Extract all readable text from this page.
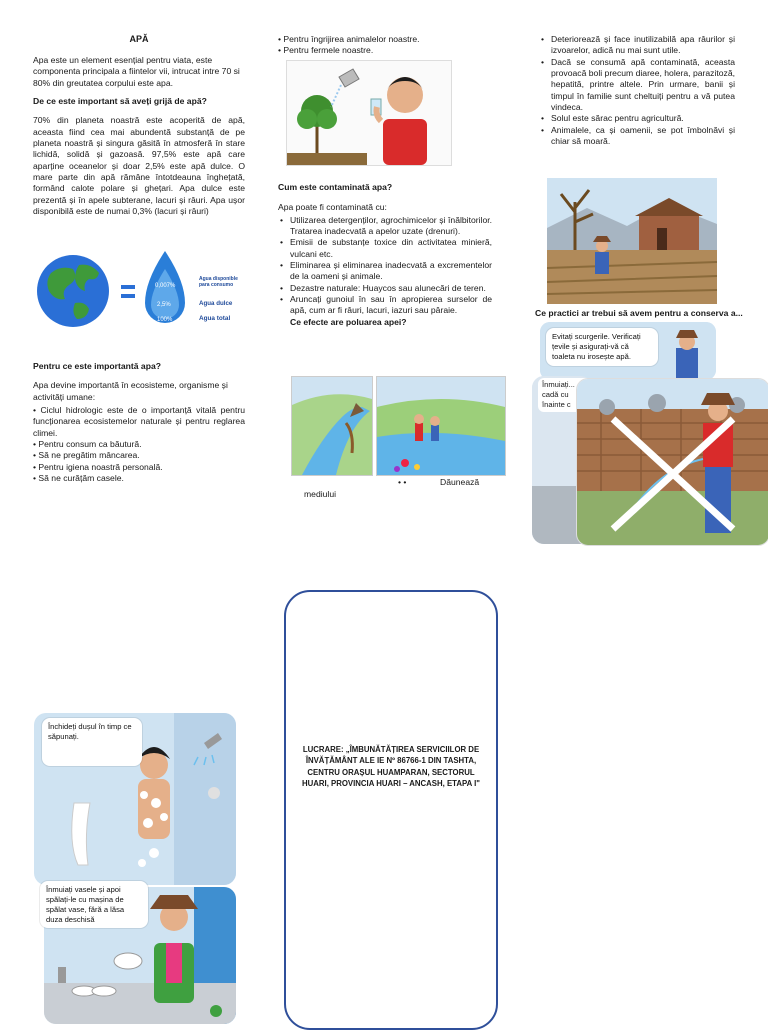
APĂ

Apa este un element esențial pentru viata, este componenta principala a fiintelor vii, intrucat intre 70 si 80% din greutatea corpului este apa.

De ce este important să aveți grijă de apă?

70% din planeta noastră este acoperită de apă, aceasta fiind cea mai abundentă substanță de pe planeta noastră și singura găsită în atmosferă în stare lichidă, solidă și gazoasă. 97,5% este apă care aparține oceanelor și doar 2,5% este apă dulce. O mare parte din apă rămâne întotdeauna înghețată, formând calote polare și ghețari. Apa dulce este prezentă și în apele subterane, lacuri și râuri. Apa ușor disponibilă este de numai 0,3% (lacuri și râuri)

0,007%
2,5%
100%
Agua disponible para consumo
Agua dulce
Agua total
Pentru ce este importantă apa?

Apa devine importantă în ecosisteme, organisme și activități umane:

• Ciclul hidrologic este de o importanță vitală pentru funcționarea ecosistemelor naturale și pentru reglarea climei.
• Pentru consum ca băutură.
• Să ne pregătim mâncarea.
• Pentru igiena noastră personală.
• Să ne curățăm casele.
• Pentru îngrijirea animalelor noastre.
• Pentru fermele noastre.
Cum este contaminată apa?

Apa poate fi contaminată cu:

• Utilizarea detergenților, agrochimicelor și înălbitorilor. Tratarea inadecvată a apelor uzate (drenuri).
• Emisii de substanțe toxice din activitatea minieră, vulcani etc.
• Eliminarea și eliminarea inadecvată a excrementelor de la oameni și animale.
• Dezastre naturale: Huaycos sau alunecări de teren.
• Aruncați gunoiul în sau în apropierea surselor de apă, cum ar fi râuri, lacuri, iazuri sau pâraie.
Ce efecte are poluarea apei?
• •	Dăunează
mediului
• Deteriorează și face inutilizabilă apa râurilor și izvoarelor, adică nu mai sunt utile.
• Dacă se consumă apă contaminată, aceasta provoacă boli precum diaree, holera, parazitoză, hepatită, printre altele. Prin urmare, banii și timpul în familie sunt cheltuiți pentru a vă putea vindeca.
• Solul este sărac pentru agricultură.
• Animalele, ca și oamenii, se pot îmbolnăvi și chiar să moară.
Ce practici ar trebui să avem pentru a conserva a...
Evitați scurgerile. Verificați țevile și asigurați-vă că toaleta nu irosește apă.
Înmuiați...
cadă cu
înainte c
Închideți dușul în timp ce săpunați.
Înmuiați vasele și apoi spălați-le cu mașina de spălat vase, fără a lăsa duza deschisă
LUCRARE: „ÎMBUNĂTĂȚIREA SERVICIILOR DE ÎNVĂȚĂMÂNT ALE IE Nº 86766-1 DIN TASHTA, CENTRU ORAȘUL HUAMPARAN, SECTORUL HUARI, PROVINCIA HUARI – ANCASH, ETAPA I"
